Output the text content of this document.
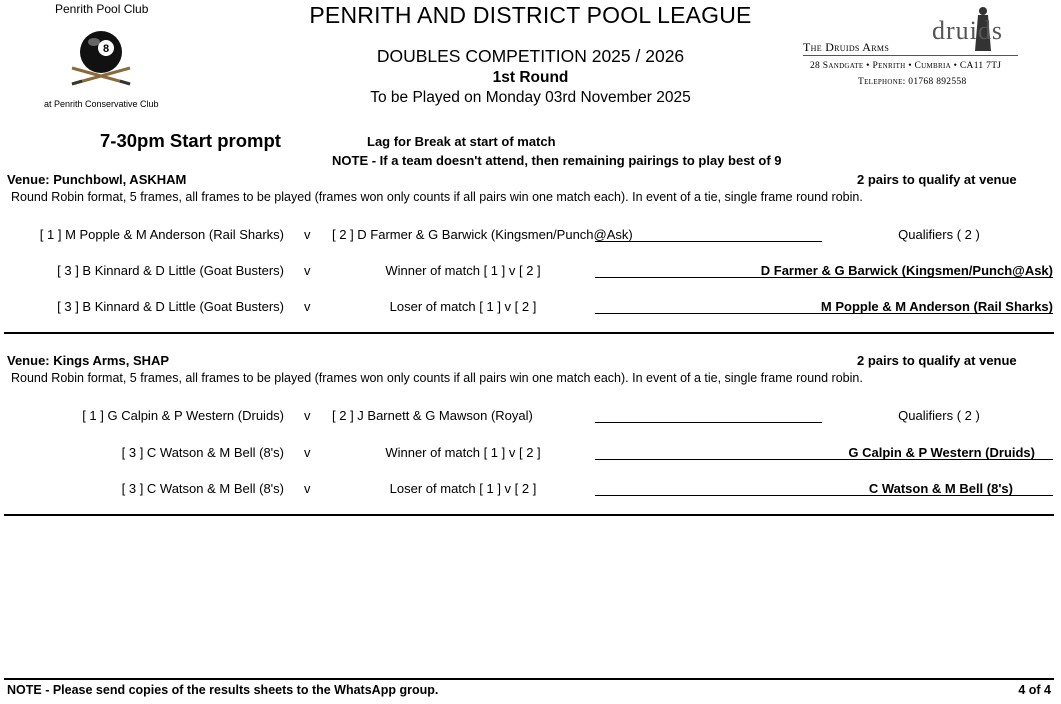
Penrith Pool Club
8
at Penrith Conservative Club
PENRITH AND DISTRICT POOL LEAGUE
DOUBLES COMPETITION 2025 / 2026
1st Round
To be Played on Monday 03rd November 2025
druids
The Druids Arms
28 Sandgate • Penrith • Cumbria • CA11 7TJ
Telephone: 01768 892558
7-30pm Start prompt	Lag for Break at start of match
NOTE - If a team doesn't attend, then remaining pairings to play best of 9
Venue: Punchbowl, ASKHAM	2 pairs to qualify at venue
Round Robin format, 5 frames, all frames to be played (frames won only counts if all pairs win one match each). In event of a tie, single frame round robin.
[ 1 ] M Popple & M Anderson (Rail Sharks) v [ 2 ] D Farmer & G Barwick (Kingsmen/Punch@Ask)	Qualifiers ( 2 )
[ 3 ] B Kinnard & D Little (Goat Busters) v	Winner of match [ 1 ] v [ 2 ]	D Farmer & G Barwick (Kingsmen/Punch@Ask)
[ 3 ] B Kinnard & D Little (Goat Busters) v	Loser of match [ 1 ] v [ 2 ]	M Popple & M Anderson (Rail Sharks)
Venue: Kings Arms, SHAP	2 pairs to qualify at venue
Round Robin format, 5 frames, all frames to be played (frames won only counts if all pairs win one match each). In event of a tie, single frame round robin.
[ 1 ] G Calpin & P Western (Druids) v [ 2 ] J Barnett & G Mawson (Royal)	Qualifiers ( 2 )
[ 3 ] C Watson & M Bell (8's) v	Winner of match [ 1 ] v [ 2 ]	G Calpin & P Western (Druids)
[ 3 ] C Watson & M Bell (8's) v	Loser of match [ 1 ] v [ 2 ]	C Watson & M Bell (8's)
NOTE - Please send copies of the results sheets to the WhatsApp group.	4 of 4
